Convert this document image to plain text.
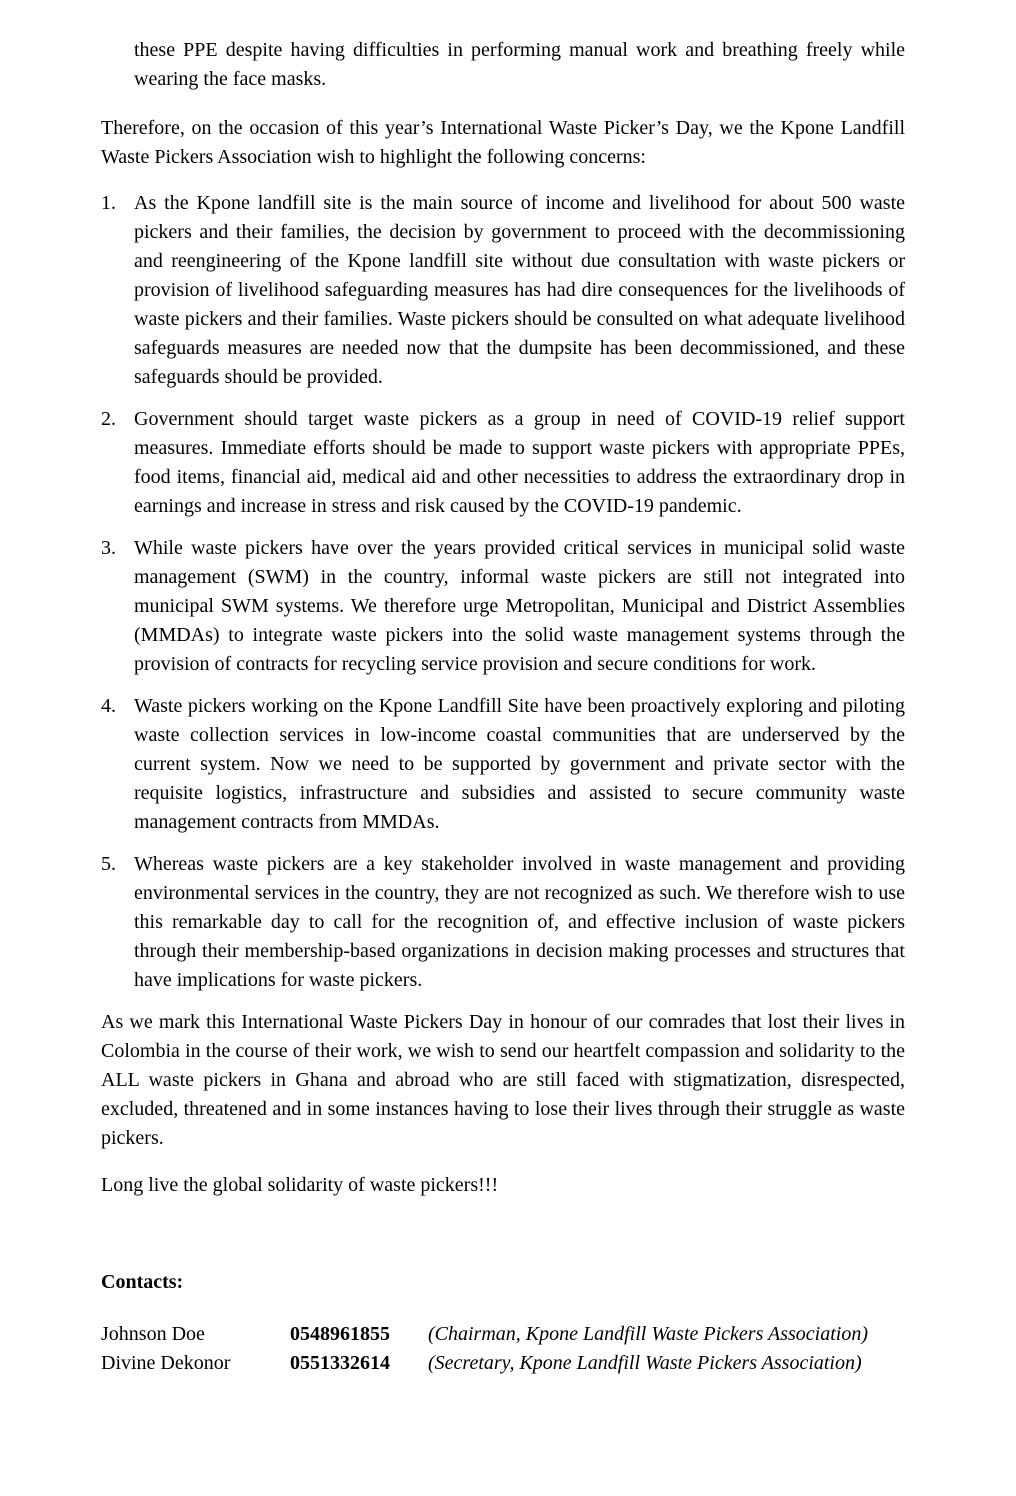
these PPE despite having difficulties in performing manual work and breathing freely while wearing the face masks.

Therefore, on the occasion of this year’s International Waste Picker’s Day, we the Kpone Landfill Waste Pickers Association wish to highlight the following concerns:

1. As the Kpone landfill site is the main source of income and livelihood for about 500 waste pickers and their families, the decision by government to proceed with the decommissioning and reengineering of the Kpone landfill site without due consultation with waste pickers or provision of livelihood safeguarding measures has had dire consequences for the livelihoods of waste pickers and their families. Waste pickers should be consulted on what adequate livelihood safeguards measures are needed now that the dumpsite has been decommissioned, and these safeguards should be provided.

2. Government should target waste pickers as a group in need of COVID-19 relief support measures. Immediate efforts should be made to support waste pickers with appropriate PPEs, food items, financial aid, medical aid and other necessities to address the extraordinary drop in earnings and increase in stress and risk caused by the COVID-19 pandemic.

3. While waste pickers have over the years provided critical services in municipal solid waste management (SWM) in the country, informal waste pickers are still not integrated into municipal SWM systems. We therefore urge Metropolitan, Municipal and District Assemblies (MMDAs) to integrate waste pickers into the solid waste management systems through the provision of contracts for recycling service provision and secure conditions for work.

4. Waste pickers working on the Kpone Landfill Site have been proactively exploring and piloting waste collection services in low-income coastal communities that are underserved by the current system. Now we need to be supported by government and private sector with the requisite logistics, infrastructure and subsidies and assisted to secure community waste management contracts from MMDAs.

5. Whereas waste pickers are a key stakeholder involved in waste management and providing environmental services in the country, they are not recognized as such. We therefore wish to use this remarkable day to call for the recognition of, and effective inclusion of waste pickers through their membership-based organizations in decision making processes and structures that have implications for waste pickers.

As we mark this International Waste Pickers Day in honour of our comrades that lost their lives in Colombia in the course of their work, we wish to send our heartfelt compassion and solidarity to the ALL waste pickers in Ghana and abroad who are still faced with stigmatization, disrespected, excluded, threatened and in some instances having to lose their lives through their struggle as waste pickers.

Long live the global solidarity of waste pickers!!!

Contacts:

Johnson Doe	0548961855	(Chairman, Kpone Landfill Waste Pickers Association)
Divine Dekonor	0551332614	(Secretary, Kpone Landfill Waste Pickers Association)
